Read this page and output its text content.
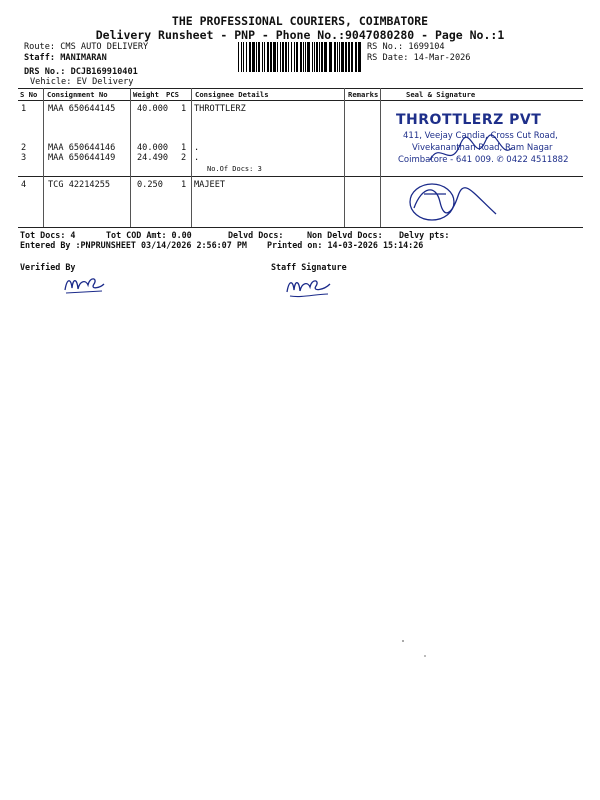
THE PROFESSIONAL COURIERS, COIMBATORE
Delivery Runsheet - PNP - Phone No.:9047080280 - Page No.:1
Route: CMS AUTO DELIVERY
Staff: MANIMARAN
DRS No.: DCJB169910401
Vehicle: EV Delivery
RS No.: 1699104
RS Date: 14-Mar-2026
S No Consignment No	Weight PCS Consignee Details	Remarks	Seal & Signature
1	MAA 650644145	40.000 1 THROTTLERZ
2	MAA 650644146	40.000 1 .
3	MAA 650644149	24.490 2 .
No.Of Docs: 3
4	TCG 42214255	0.250 1 MAJEET
THROTTLERZ PVT
411, Veejay Candia, Cross Cut Road,
Vivekananthan Road, Ram Nagar
Coimbatore - 641 009. ✆ 0422 4511882
Tot Docs: 4	Tot COD Amt: 0.00	Delvd Docs:	Non Delvd Docs: Delvy pts:
Entered By :PNPRUNSHEET 03/14/2026 2:56:07 PM Printed on: 14-03-2026 15:14:26
Verified By	Staff Signature
